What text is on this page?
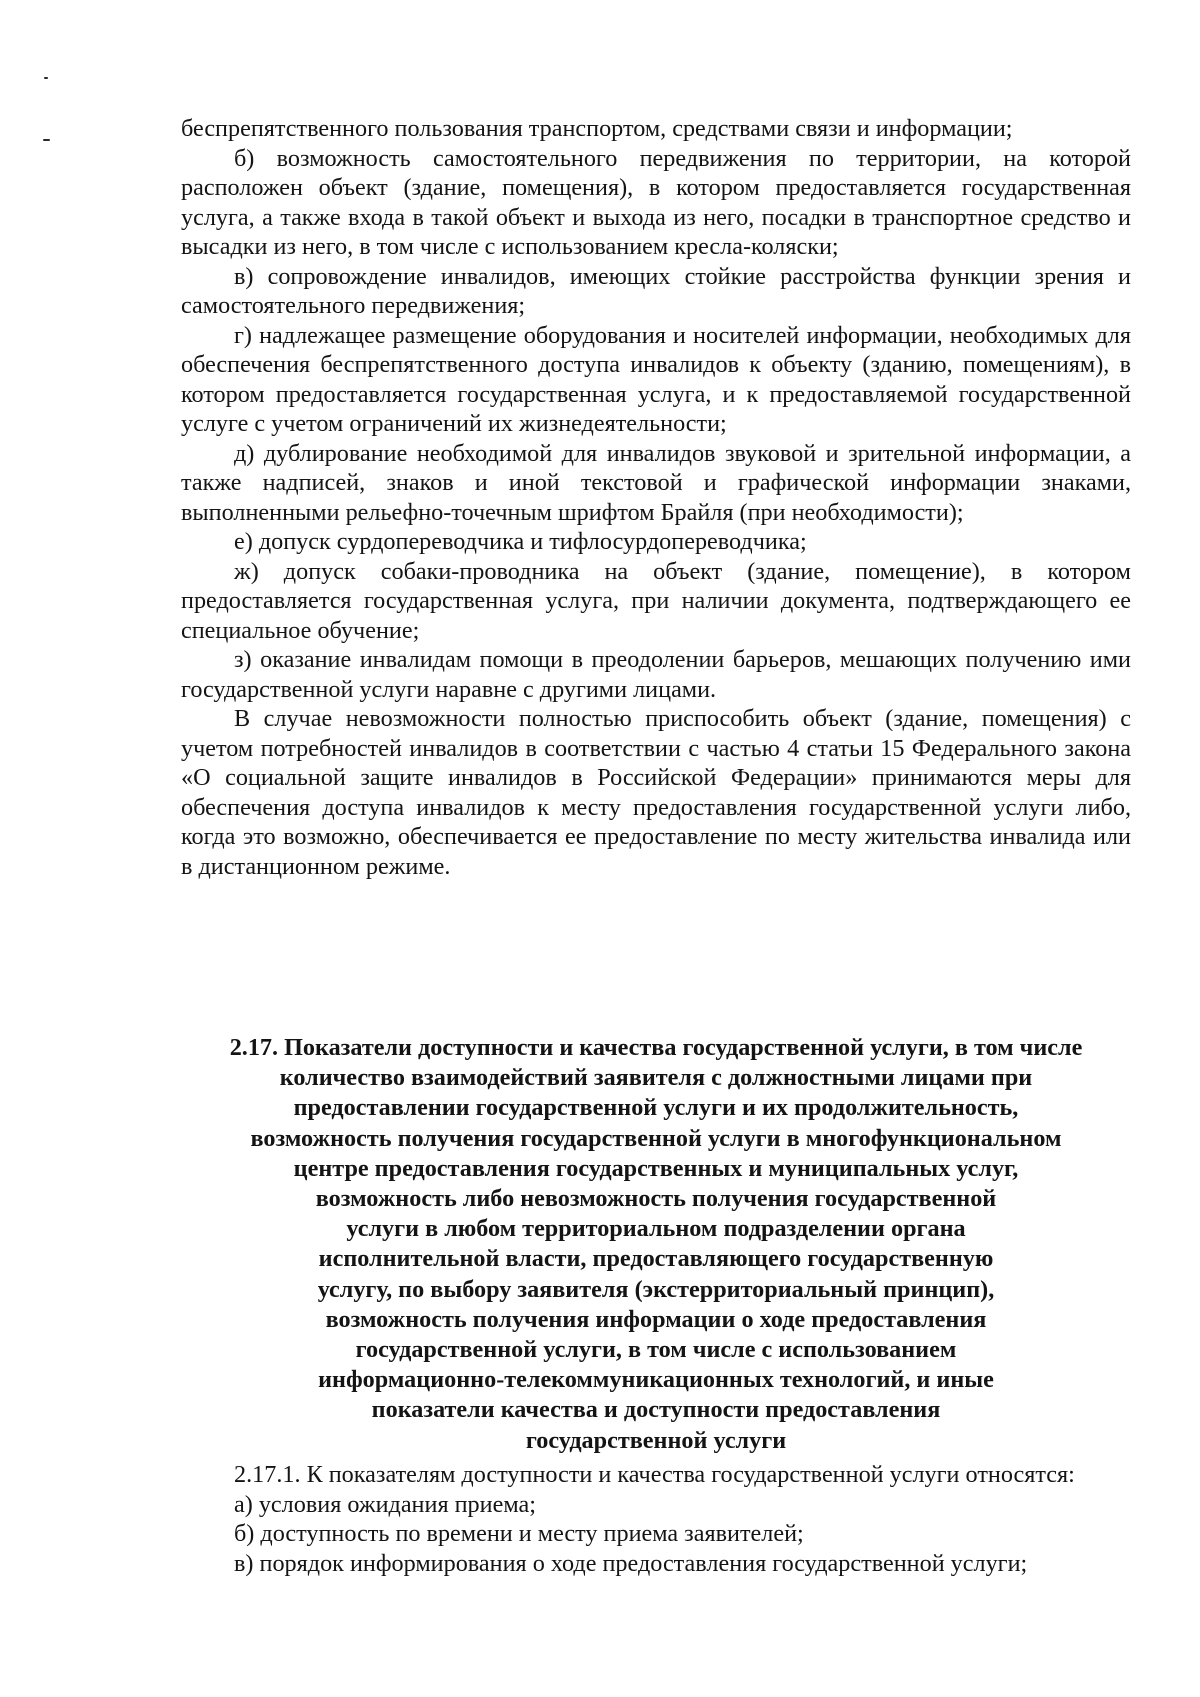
беспрепятственного пользования транспортом, средствами связи и информации;

б) возможность самостоятельного передвижения по территории, на которой расположен объект (здание, помещения), в котором предоставляется государственная услуга, а также входа в такой объект и выхода из него, посадки в транспортное средство и высадки из него, в том числе с использованием кресла-коляски;

в) сопровождение инвалидов, имеющих стойкие расстройства функции зрения и самостоятельного передвижения;

г) надлежащее размещение оборудования и носителей информации, необходимых для обеспечения беспрепятственного доступа инвалидов к объекту (зданию, помещениям), в котором предоставляется государственная услуга, и к предоставляемой государственной услуге с учетом ограничений их жизнедеятельности;

д) дублирование необходимой для инвалидов звуковой и зрительной информации, а также надписей, знаков и иной текстовой и графической информации знаками, выполненными рельефно-точечным шрифтом Брайля (при необходимости);

е) допуск сурдопереводчика и тифлосурдопереводчика;

ж) допуск собаки-проводника на объект (здание, помещение), в котором предоставляется государственная услуга, при наличии документа, подтверждающего ее специальное обучение;

з) оказание инвалидам помощи в преодолении барьеров, мешающих получению ими государственной услуги наравне с другими лицами.

В случае невозможности полностью приспособить объект (здание, помещения) с учетом потребностей инвалидов в соответствии с частью 4 статьи 15 Федерального закона «О социальной защите инвалидов в Российской Федерации» принимаются меры для обеспечения доступа инвалидов к месту предоставления государственной услуги либо, когда это возможно, обеспечивается ее предоставление по месту жительства инвалида или в дистанционном режиме.

2.17. Показатели доступности и качества государственной услуги, в том числе

количество взаимодействий заявителя с должностными лицами при

предоставлении государственной услуги и их продолжительность,

возможность получения государственной услуги в многофункциональном

центре предоставления государственных и муниципальных услуг,

возможность либо невозможность получения государственной

услуги в любом территориальном подразделении органа

исполнительной власти, предоставляющего государственную

услугу, по выбору заявителя (экстерриториальный принцип),

возможность получения информации о ходе предоставления

государственной услуги, в том числе с использованием

информационно-телекоммуникационных технологий, и иные

показатели качества и доступности предоставления

государственной услуги

2.17.1. К показателям доступности и качества государственной услуги относятся:

а) условия ожидания приема;

б) доступность по времени и месту приема заявителей;

в) порядок информирования о ходе предоставления государственной услуги;
